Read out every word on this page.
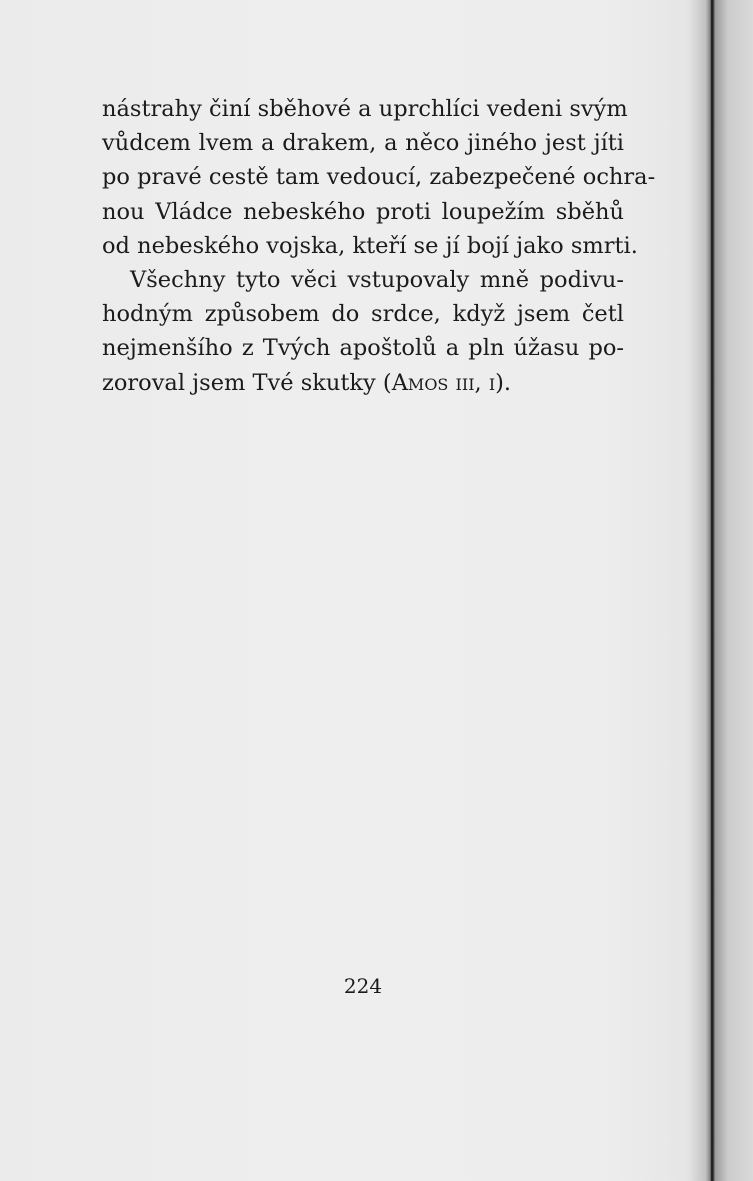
nástrahy činí sběhové a uprchlíci vedeni svým
vůdcem lvem a drakem, a něco jiného jest jíti
po pravé cestě tam vedoucí, zabezpečené ochra-
nou Vládce nebeského proti loupežím sběhů
od nebeského vojska, kteří se jí bojí jako smrti.
Všechny tyto věci vstupovaly mně podivu-
hodným způsobem do srdce, když jsem četl
nejmenšího z Tvých apoštolů a pln úžasu po-
zoroval jsem Tvé skutky (Amos iii, i).
224
